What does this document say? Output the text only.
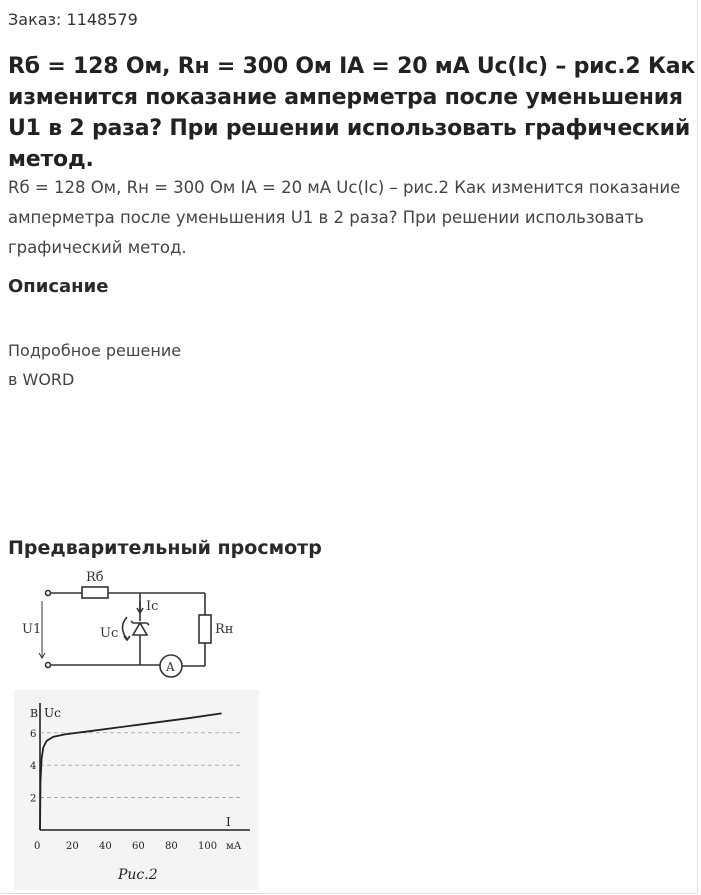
Заказ: 1148579
Rб = 128 Ом, Rн = 300 Ом IA = 20 мА Uc(Ic) – рис.2 Как изменится показание амперметра после уменьшения U1 в 2 раза? При решении использовать графический метод.

Rб = 128 Ом, Rн = 300 Ом IA = 20 мА Uc(Ic) – рис.2 Как изменится показание амперметра после уменьшения U1 в 2 раза? При решении использовать графический метод.

Описание
Подробное решение
в WORD
Предварительный просмотр
Rб
Ic
U1	Uc	Rн
A
2
4
6
0	20 40 60 80 100
В Uc
I
мА
Рис.2
